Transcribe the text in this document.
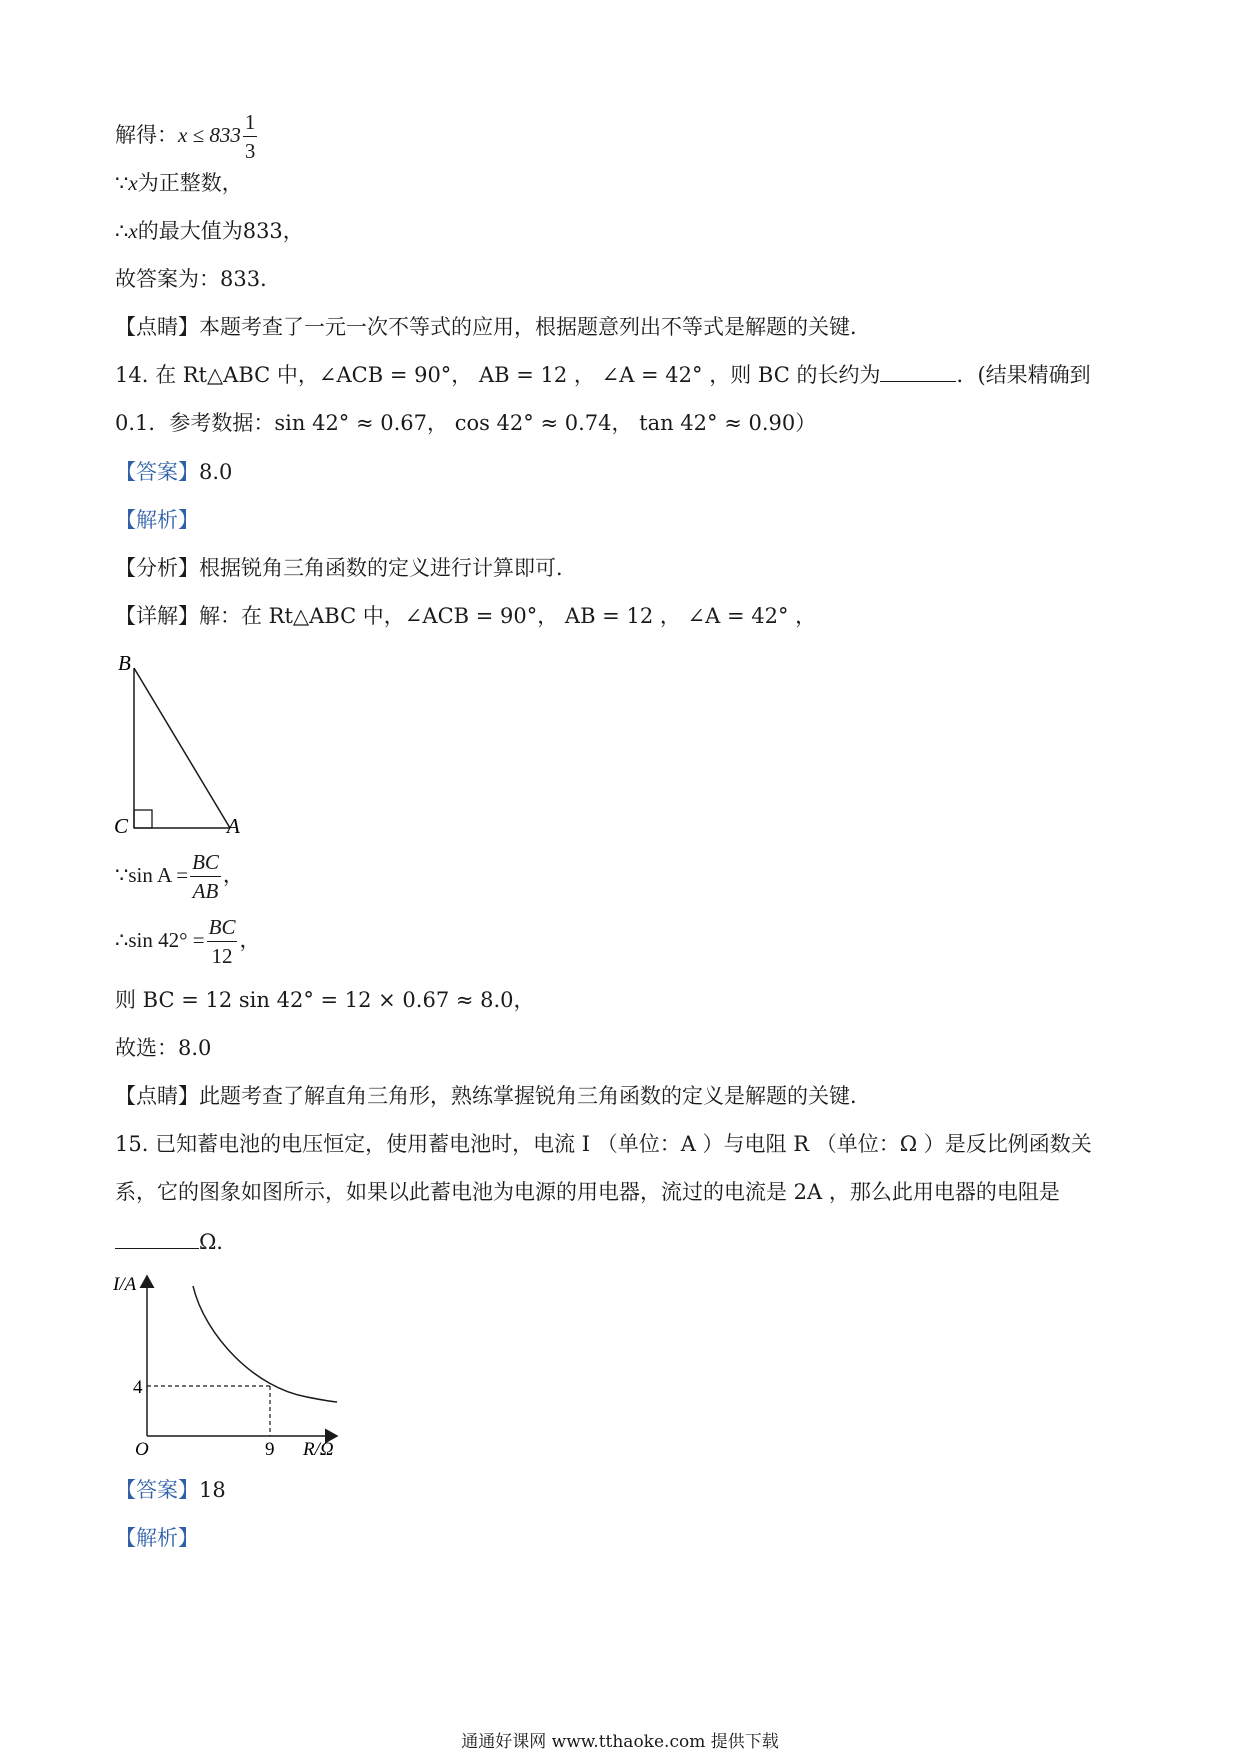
解得：$x \le 833 \frac{1}{3}$
∵x为正整数，
∴x的最大值为833，
故答案为：833．
【点睛】本题考查了一元一次不等式的应用，根据题意列出不等式是解题的关键．
14. 在 Rt△ABC 中，∠ACB = 90°， AB = 12 ， ∠A = 42° ，则 BC 的长约为	．(结果精确到
0.1．参考数据：sin 42° ≈ 0.67， cos 42° ≈ 0.74， tan 42° ≈ 0.90）
【答案】8.0
【解析】
【分析】根据锐角三角函数的定义进行计算即可．
【详解】解：在 Rt△ABC 中，∠ACB = 90°， AB = 12 ， ∠A = 42° ，
B
C	A
∵sin $A = \frac{BC}{AB}$ ，
∴sin $42^\circ = \frac{BC}{12}$ ，
则 BC = 12 sin 42° = 12 × 0.67 ≈ 8.0，
故选：8.0
【点睛】此题考查了解直角三角形，熟练掌握锐角三角函数的定义是解题的关键．
15. 已知蓄电池的电压恒定，使用蓄电池时，电流 I （单位：A ）与电阻 R （单位：Ω ）是反比例函数关
系，它的图象如图所示，如果以此蓄电池为电源的用电器，流过的电流是 2A ，那么此用电器的电阻是
Ω．
I/A
4
O	9 R/Ω
【答案】18
【解析】
通通好课网 www.tthaoke.com 提供下载
